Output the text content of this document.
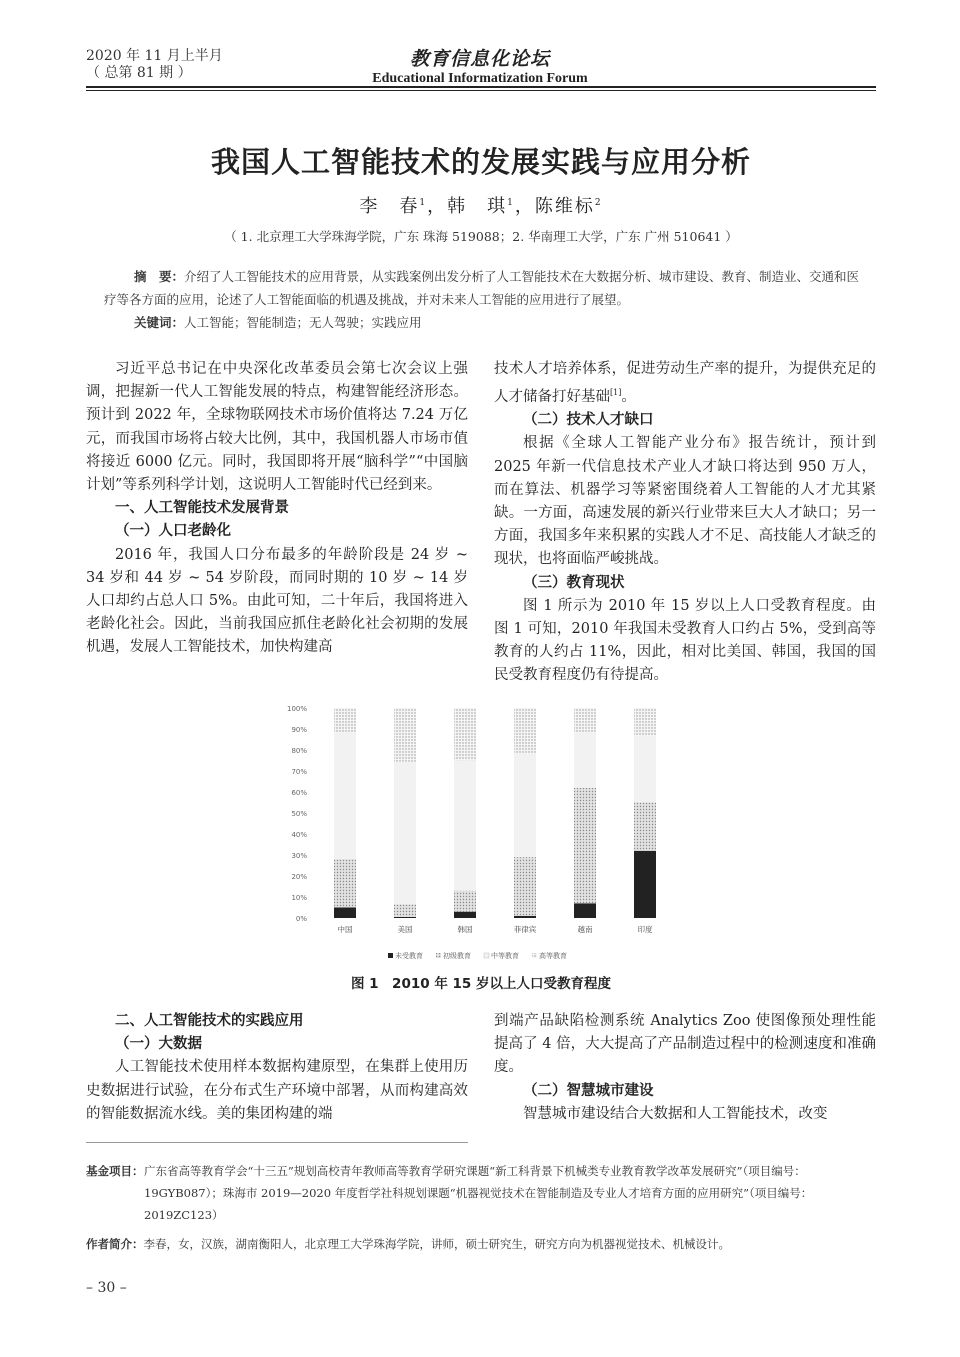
2020 年 11 月上半月
（ 总第 81 期 ）
教育信息化论坛
Educational Informatization Forum
我国人工智能技术的发展实践与应用分析
李　春$^1$，韩　琪$^1$，陈维标$^2$
（ 1. 北京理工大学珠海学院，广东 珠海 519088；2. 华南理工大学，广东 广州 510641 ）
摘　要：介绍了人工智能技术的应用背景，从实践案例出发分析了人工智能技术在大数据分析、城市建设、教育、制造业、交通和医疗等各方面的应用，论述了人工智能面临的机遇及挑战，并对未来人工智能的应用进行了展望。
关键词：人工智能；智能制造；无人驾驶；实践应用

习近平总书记在中央深化改革委员会第七次会议上强调，把握新一代人工智能发展的特点，构建智能经济形态。预计到 2022 年，全球物联网技术市场价值将达 7.24 万亿元，而我国市场将占较大比例，其中，我国机器人市场市值将接近 6000 亿元。同时，我国即将开展“脑科学”“中国脑计划”等系列科学计划，这说明人工智能时代已经到来。

一、人工智能技术发展背景
（一）人口老龄化

2016 年，我国人口分布最多的年龄阶段是 24 岁 ~ 34 岁和 44 岁 ~ 54 岁阶段，而同时期的 10 岁 ~ 14 岁人口却约占总人口 5%。由此可知，二十年后，我国将进入老龄化社会。因此，当前我国应抓住老龄化社会初期的发展机遇，发展人工智能技术，加快构建高

技术人才培养体系，促进劳动生产率的提升，为提供充足的人才储备打好基础[1]。

（二）技术人才缺口

根据《全球人工智能产业分布》报告统计，预计到 2025 年新一代信息技术产业人才缺口将达到 950 万人，而在算法、机器学习等紧密围绕着人工智能的人才尤其紧缺。一方面，高速发展的新兴行业带来巨大人才缺口；另一方面，我国多年来积累的实践人才不足、高技能人才缺乏的现状，也将面临严峻挑战。

（三）教育现状

图 1 所示为 2010 年 15 岁以上人口受教育程度。由图 1 可知，2010 年我国未受教育人口约占 5%，受到高等教育的人约占 11%，因此，相对比美国、韩国，我国的国民受教育程度仍有待提高。

0%
10%
20%
30%
40%
50%
60%
70%
80%
90%
100%
中国	美国	韩国	菲律宾	越南	印度
未受教育	初级教育	中等教育	高等教育
图 1　2010 年 15 岁以上人口受教育程度
二、人工智能技术的实践应用
（一）大数据

人工智能技术使用样本数据构建原型，在集群上使用历史数据进行试验，在分布式生产环境中部署，从而构建高效的智能数据流水线。美的集团构建的端

到端产品缺陷检测系统 Analytics Zoo 使图像预处理性能提高了 4 倍，大大提高了产品制造过程中的检测速度和准确度。

（二）智慧城市建设

智慧城市建设结合大数据和人工智能技术，改变

基金项目：广东省高等教育学会“十三五”规划高校青年教师高等教育学研究课题“新工科背景下机械类专业教育教学改革发展研究”（项目编号：19GYB087）；珠海市 2019—2020 年度哲学社科规划课题“机器视觉技术在智能制造及专业人才培育方面的应用研究”（项目编号：2019ZC123）
作者简介：李春，女，汉族，湖南衡阳人，北京理工大学珠海学院，讲师，硕士研究生，研究方向为机器视觉技术、机械设计。
– 30 –
